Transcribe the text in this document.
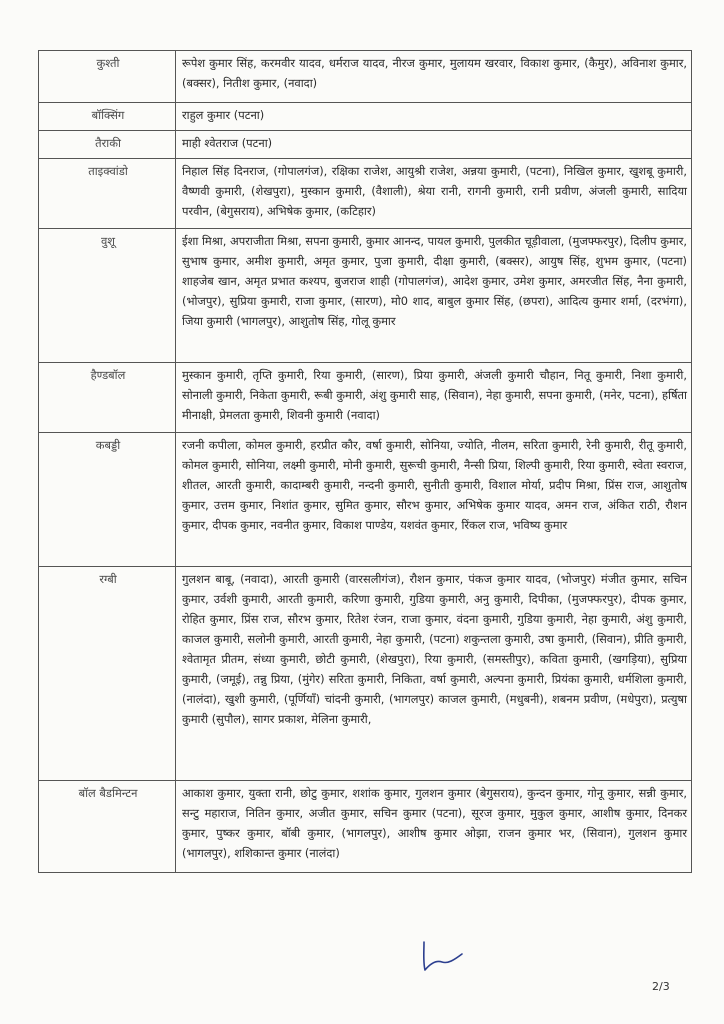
कुश्ती	रूपेश कुमार सिंह, करमवीर यादव, धर्मराज यादव, नीरज कुमार, मुलायम खरवार, विकाश कुमार, (कैमुर), अविनाश कुमार, (बक्सर), नितीश कुमार, (नवादा)
बॉक्सिंग	राहुल कुमार (पटना)
तैराकी	माही श्वेतराज (पटना)
ताइक्वांडो	निहाल सिंह दिनराज, (गोपालगंज), रक्षिका राजेश, आयुश्री राजेश, अन्नया कुमारी, (पटना), निखिल कुमार, खुशबू कुमारी, वैष्णवी कुमारी, (शेखपुरा), मुस्कान कुमारी, (वैशाली), श्रेया रानी, रागनी कुमारी, रानी प्रवीण, अंजली कुमारी, सादिया परवीन, (बेगुसराय), अभिषेक कुमार, (कटिहार)
वुशू	ईशा मिश्रा, अपराजीता मिश्रा, सपना कुमारी, कुमार आनन्द, पायल कुमारी, पुलकीत चूड़ीवाला, (मुजफ्फरपुर), दिलीप कुमार, सुभाष कुमार, अमीश कुमारी, अमृत कुमार, पुजा कुमारी, दीक्षा कुमारी, (बक्सर), आयुष सिंह, शुभम कुमार, (पटना) शाहजेब खान, अमृत प्रभात कश्यप, बुजराज शाही (गोपालगंज), आदेश कुमार, उमेश कुमार, अमरजीत सिंह, नैना कुमारी, (भोजपुर), सुप्रिया कुमारी, राजा कुमार, (सारण), मो0 शाद, बाबुल कुमार सिंह, (छपरा), आदित्य कुमार शर्मा, (दरभंगा), जिया कुमारी (भागलपुर), आशुतोष सिंह, गोलू कुमार
हैण्डबॉल	मुस्कान कुमारी, तृप्ति कुमारी, रिया कुमारी, (सारण), प्रिया कुमारी, अंजली कुमारी चौहान, नितू कुमारी, निशा कुमारी, सोनाली कुमारी, निकेता कुमारी, रूबी कुमारी, अंशु कुमारी साह, (सिवान), नेहा कुमारी, सपना कुमारी, (मनेर, पटना), हर्षिता मीनाक्षी, प्रेमलता कुमारी, शिवनी कुमारी (नवादा)
कबड्डी	रजनी कपीला, कोमल कुमारी, हरप्रीत कौर, वर्षा कुमारी, सोनिया, ज्योति, नीलम, सरिता कुमारी, रेनी कुमारी, रीतू कुमारी, कोमल कुमारी, सोनिया, लक्ष्मी कुमारी, मोनी कुमारी, सुरूची कुमारी, नैन्सी प्रिया, शिल्पी कुमारी, रिया कुमारी, स्वेता स्वराज, शीतल, आरती कुमारी, कादाम्बरी कुमारी, नन्दनी कुमारी, सुनीती कुमारी, विशाल मोर्या, प्रदीप मिश्रा, प्रिंस राज, आशुतोष कुमार, उत्तम कुमार, निशांत कुमार, सुमित कुमार, सौरभ कुमार, अभिषेक कुमार यादव, अमन राज, अंकित राठी, रौशन कुमार, दीपक कुमार, नवनीत कुमार, विकाश पाण्डेय, यशवंत कुमार, रिंकल राज, भविष्य कुमार
रग्बी	गुलशन बाबू, (नवादा), आरती कुमारी (वारसलीगंज), रौशन कुमार, पंकज कुमार यादव, (भोजपुर) मंजीत कुमार, सचिन कुमार, उर्वशी कुमारी, आरती कुमारी, करिणा कुमारी, गुडिया कुमारी, अनु कुमारी, दिपीका, (मुजफ्फरपुर), दीपक कुमार, रोहित कुमार, प्रिंस राज, सौरभ कुमार, रितेश रंजन, राजा कुमार, वंदना कुमारी, गुडिया कुमारी, नेहा कुमारी, अंशु कुमारी, काजल कुमारी, सलोनी कुमारी, आरती कुमारी, नेहा कुमारी, (पटना) शकुन्तला कुमारी, उषा कुमारी, (सिवान), प्रीति कुमारी, श्वेतामृत प्रीतम, संध्या कुमारी, छोटी कुमारी, (शेखपुरा), रिया कुमारी, (समस्तीपुर), कविता कुमारी, (खगड़िया), सुप्रिया कुमारी, (जमूई), तन्नु प्रिया, (मुंगेर) सरिता कुमारी, निकिता, वर्षा कुमारी, अल्पना कुमारी, प्रियंका कुमारी, धर्मशिला कुमारी, (नालंदा), खुशी कुमारी, (पूर्णियाँ) चांदनी कुमारी, (भागलपुर) काजल कुमारी, (मधुबनी), शबनम प्रवीण, (मधेपुरा), प्रत्युषा कुमारी (सुपौल), सागर प्रकाश, मेलिना कुमारी,
बॉल बैडमिन्टन	आकाश कुमार, युक्ता रानी, छोटु कुमार, शशांक कुमार, गुलशन कुमार (बेगुसराय), कुन्दन कुमार, गोनू कुमार, सन्नी कुमार, सन्टु महाराज, नितिन कुमार, अजीत कुमार, सचिन कुमार (पटना), सूरज कुमार, मुकुल कुमार, आशीष कुमार, दिनकर कुमार, पुष्कर कुमार, बॉबी कुमार, (भागलपुर), आशीष कुमार ओझा, राजन कुमार भर, (सिवान), गुलशन कुमार (भागलपुर), शशिकान्त कुमार (नालंदा)
2/3
